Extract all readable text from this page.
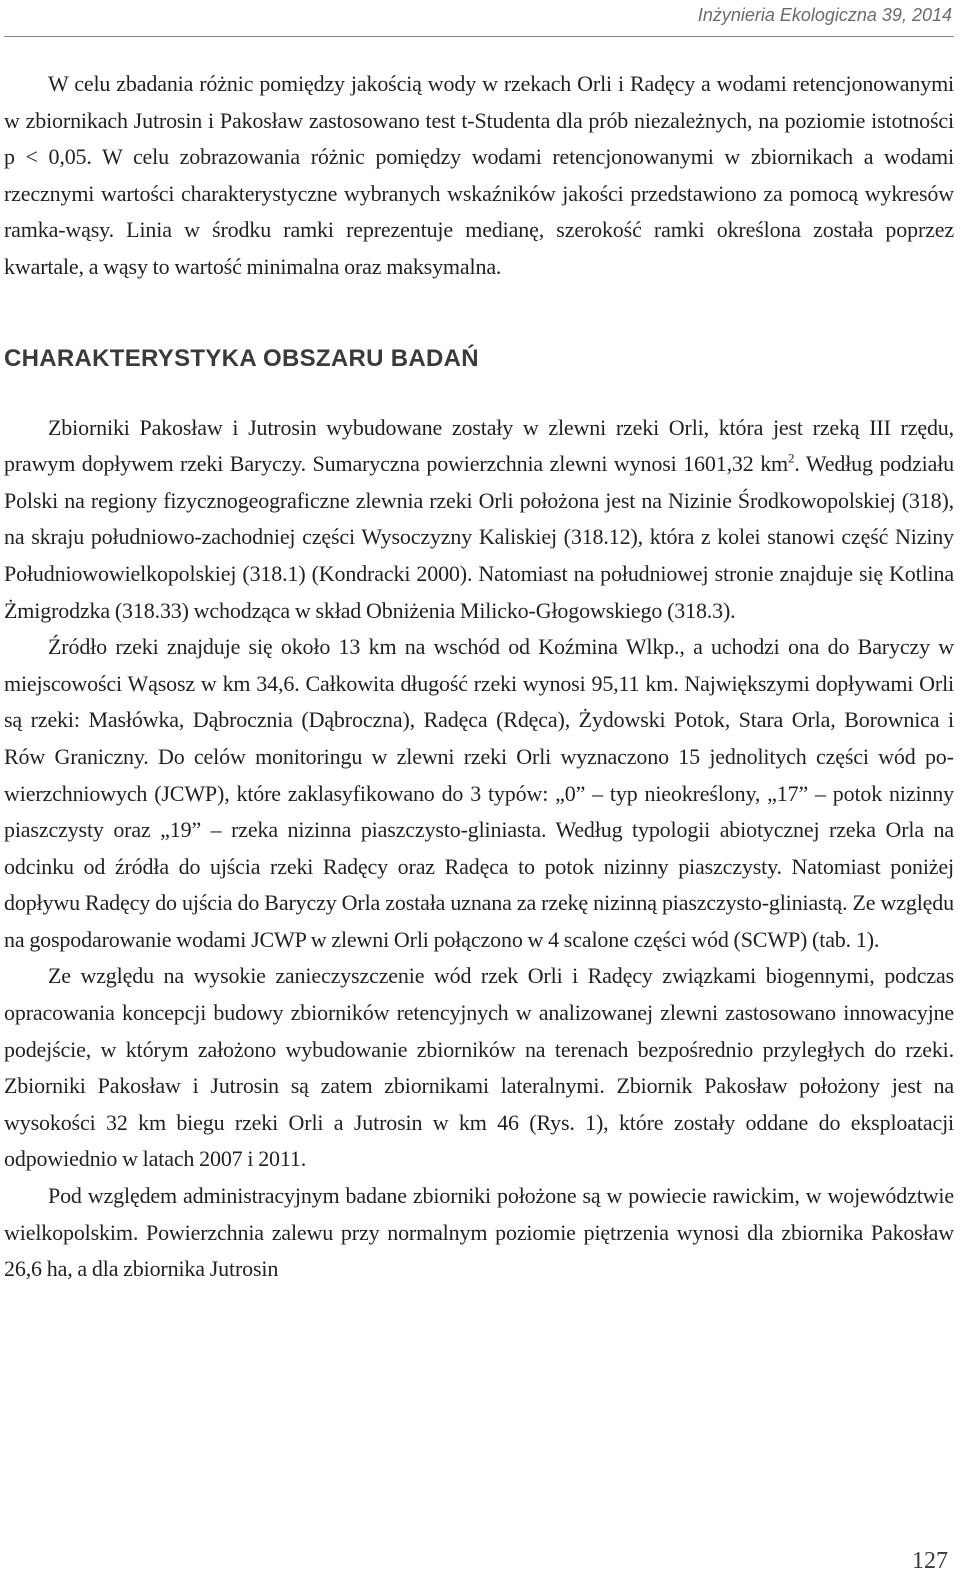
Inżynieria Ekologiczna 39, 2014

W celu zbadania różnic pomiędzy jakością wody w rzekach Orli i Radęcy a wodami retencjonowanymi w zbiornikach Jutrosin i Pakosław zastosowano test t-Studenta dla prób niezależnych, na poziomie istotności p < 0,05. W celu zobrazowania różnic pomiędzy wodami retencjonowanymi w zbiornikach a wodami rzecznymi wartości charakterystyczne wybranych wskaźników jakości przedstawiono za pomocą wykresów ramka-wąsy. Linia w środku ramki reprezentuje medianę, szerokość ramki określona została poprzez kwartale, a wąsy to wartość minimalna oraz maksymalna.

CHARAKTERYSTYKA OBSZARU BADAŃ

Zbiorniki Pakosław i Jutrosin wybudowane zostały w zlewni rzeki Orli, która jest rzeką III rzędu, prawym dopływem rzeki Baryczy. Sumaryczna powierzchnia zlewni wynosi 1601,32 $km^2$. Według podziału Polski na regiony fizycznogeograficzne zlewnia rzeki Orli położona jest na Nizinie Środkowopolskiej (318), na skraju południowo-zachodniej części Wysoczyzny Kaliskiej (318.12), która z kolei stanowi część Niziny Południowowielkopolskiej (318.1) (Kondracki 2000). Natomiast na południowej stronie znajduje się Kotlina Żmigrodzka (318.33) wchodząca w skład Obniżenia Milicko-Głogowskiego (318.3).

Źródło rzeki znajduje się około 13 km na wschód od Koźmina Wlkp., a uchodzi ona do Baryczy w miejscowości Wąsosz w km 34,6. Całkowita długość rzeki wynosi 95,11 km. Największymi dopływami Orli są rzeki: Masłówka, Dąbrocznia (Dąbroczna), Radęca (Rdęca), Żydowski Potok, Stara Orla, Borownica i Rów Graniczny. Do celów monitoringu w zlewni rzeki Orli wyznaczono 15 jednolitych części wód powierzchniowych (JCWP), które zaklasyfikowano do 3 typów: „0” – typ nieokreślony, „17” – potok nizinny piaszczysty oraz „19” – rzeka nizinna piaszczysto-gliniasta. Według typologii abiotycznej rzeka Orla na odcinku od źródła do ujścia rzeki Radęcy oraz Radęca to potok nizinny piaszczysty. Natomiast poniżej dopływu Radęcy do ujścia do Baryczy Orla została uznana za rzekę nizinną piaszczysto-gliniastą. Ze względu na gospodarowanie wodami JCWP w zlewni Orli połączono w 4 scalone części wód (SCWP) (tab. 1).

Ze względu na wysokie zanieczyszczenie wód rzek Orli i Radęcy związkami biogennymi, podczas opracowania koncepcji budowy zbiorników retencyjnych w analizowanej zlewni zastosowano innowacyjne podejście, w którym założono wybudowanie zbiorników na terenach bezpośrednio przyległych do rzeki. Zbiorniki Pakosław i Jutrosin są zatem zbiornikami lateralnymi. Zbiornik Pakosław położony jest na wysokości 32 km biegu rzeki Orli a Jutrosin w km 46 (Rys. 1), które zostały oddane do eksploatacji odpowiednio w latach 2007 i 2011.

Pod względem administracyjnym badane zbiorniki położone są w powiecie rawickim, w województwie wielkopolskim. Powierzchnia zalewu przy normalnym poziomie piętrzenia wynosi dla zbiornika Pakosław 26,6 ha, a dla zbiornika Jutrosin

127
